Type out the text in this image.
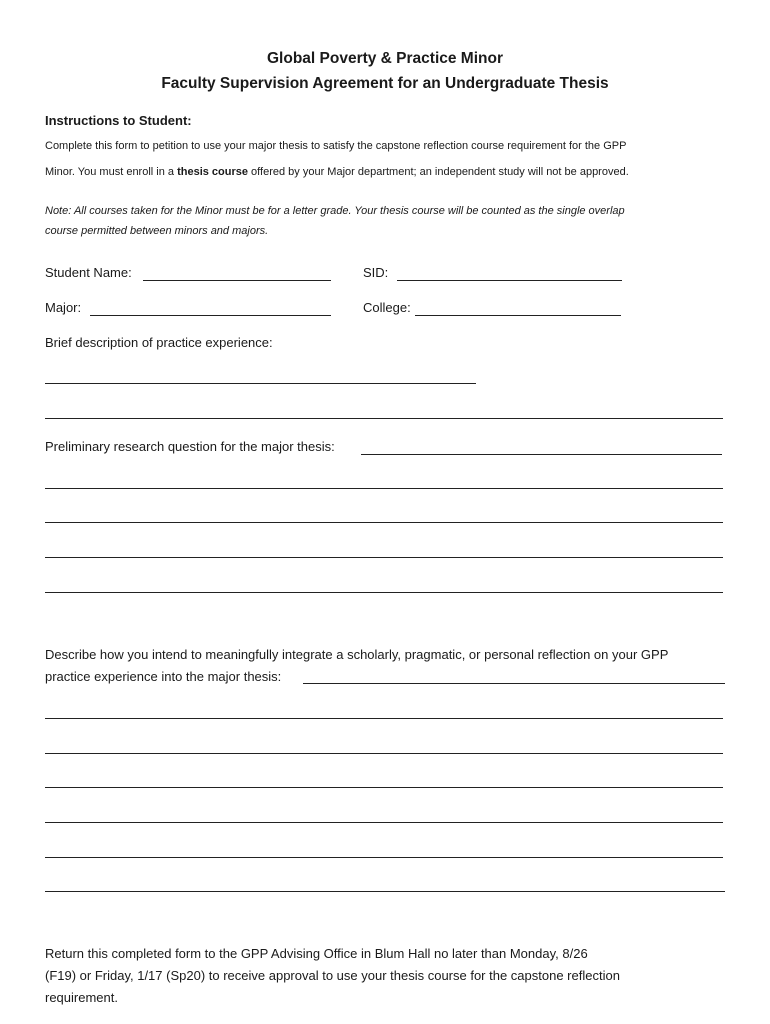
Global Poverty & Practice Minor
Faculty Supervision Agreement for an Undergraduate Thesis
Instructions to Student:
Complete this form to petition to use your major thesis to satisfy the capstone reflection course requirement for the GPP
Minor. You must enroll in a thesis course offered by your Major department; an independent study will not be approved.
Note: All courses taken for the Minor must be for a letter grade. Your thesis course will be counted as the single overlap
course permitted between minors and majors.
Student Name:	SID:
Major:	College:
Brief description of practice experience:
Preliminary research question for the major thesis:
Describe how you intend to meaningfully integrate a scholarly, pragmatic, or personal reflection on your GPP
practice experience into the major thesis:
Return this completed form to the GPP Advising Office in Blum Hall no later than Monday, 8/26
(F19) or Friday, 1/17 (Sp20) to receive approval to use your thesis course for the capstone reflection
requirement.
